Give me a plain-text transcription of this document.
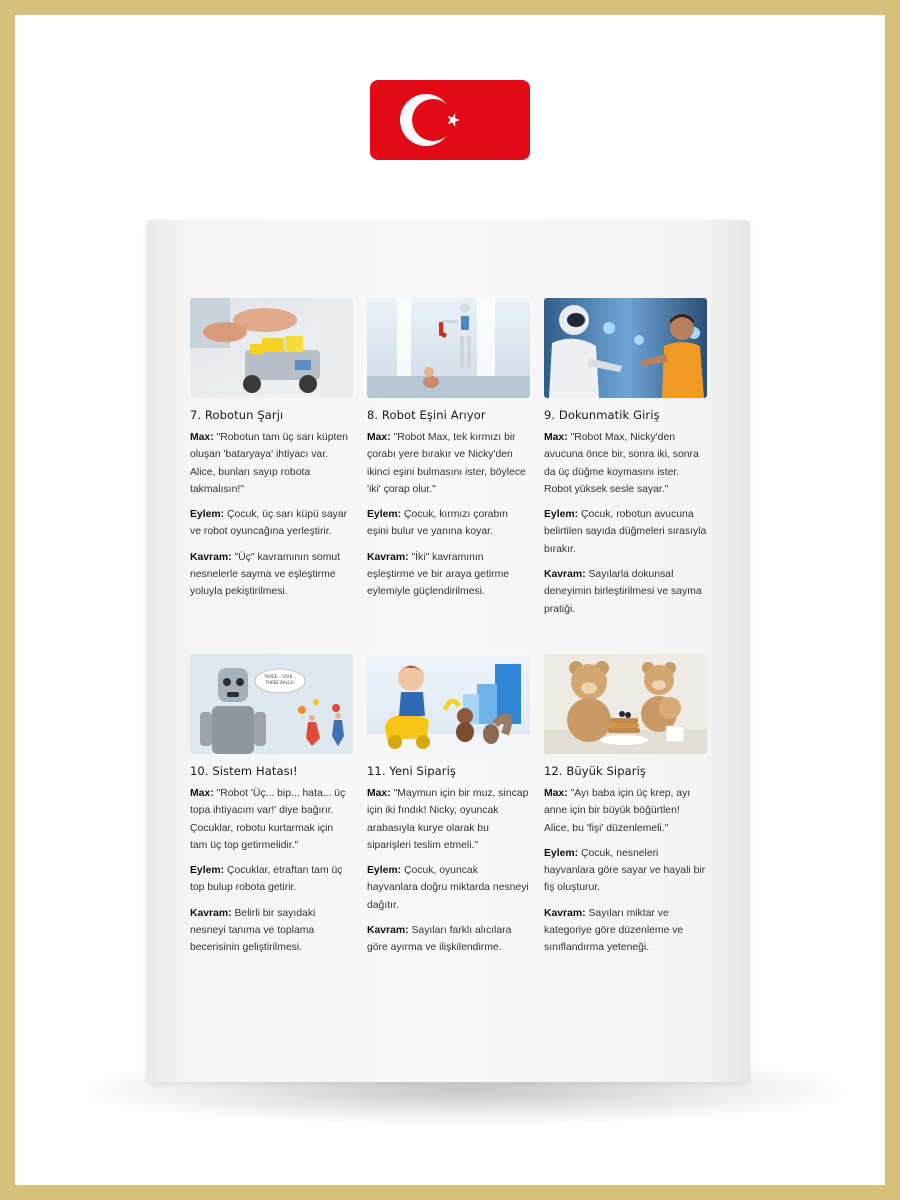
7. Robotun Şarjı

Max: "Robotun tam üç sarı küpten oluşan 'bataryaya' ihtiyacı var. Alice, bunları sayıp robota takmalısın!"

Eylem: Çocuk, üç sarı küpü sayar ve robot oyuncağına yerleştirir.

Kavram: "Üç" kavramının somut nesnelerle sayma ve eşleştirme yoluyla pekiştirilmesi.

8. Robot Eşini Arıyor

Max: "Robot Max, tek kırmızı bir çorabı yere bırakır ve Nicky'den ikinci eşini bulmasını ister, böylece 'iki' çorap olur."

Eylem: Çocuk, kırmızı çorabın eşini bulur ve yanına koyar.

Kavram: "İki" kavramının eşleştirme ve bir araya getirme eylemiyle güçlendirilmesi.

9. Dokunmatik Giriş

Max: "Robot Max, Nicky'den avucuna önce bir, sonra iki, sonra da üç düğme koymasını ister. Robot yüksek sesle sayar."

Eylem: Çocuk, robotun avucuna belirtilen sayıda düğmeleri sırasıyla bırakır.

Kavram: Sayılarla dokunsal deneyimin birleştirilmesi ve sayma pratiği.

THREE... STAR... THREE BALLS!
10. Sistem Hatası!

Max: "Robot 'Üç... bip... hata... üç topa ihtiyacım var!' diye bağırır. Çocuklar, robotu kurtarmak için tam üç top getirmelidir."

Eylem: Çocuklar, etraftan tam üç top bulup robota getirir.

Kavram: Belirli bir sayıdaki nesneyi tanıma ve toplama becerisinin geliştirilmesi.

11. Yeni Sipariş

Max: "Maymun için bir muz, sincap için iki fındık! Nicky, oyuncak arabasıyla kurye olarak bu siparişleri teslim etmeli."

Eylem: Çocuk, oyuncak hayvanlara doğru miktarda nesneyi dağıtır.

Kavram: Sayıları farklı alıcılara göre ayırma ve ilişkilendirme.

12. Büyük Sipariş

Max: "Ayı baba için üç krep, ayı anne için bir büyük böğürtlen! Alice, bu 'fişi' düzenlemeli."

Eylem: Çocuk, nesneleri hayvanlara göre sayar ve hayali bir fiş oluşturur.

Kavram: Sayıları miktar ve kategoriye göre düzenleme ve sınıflandırma yeteneği.
